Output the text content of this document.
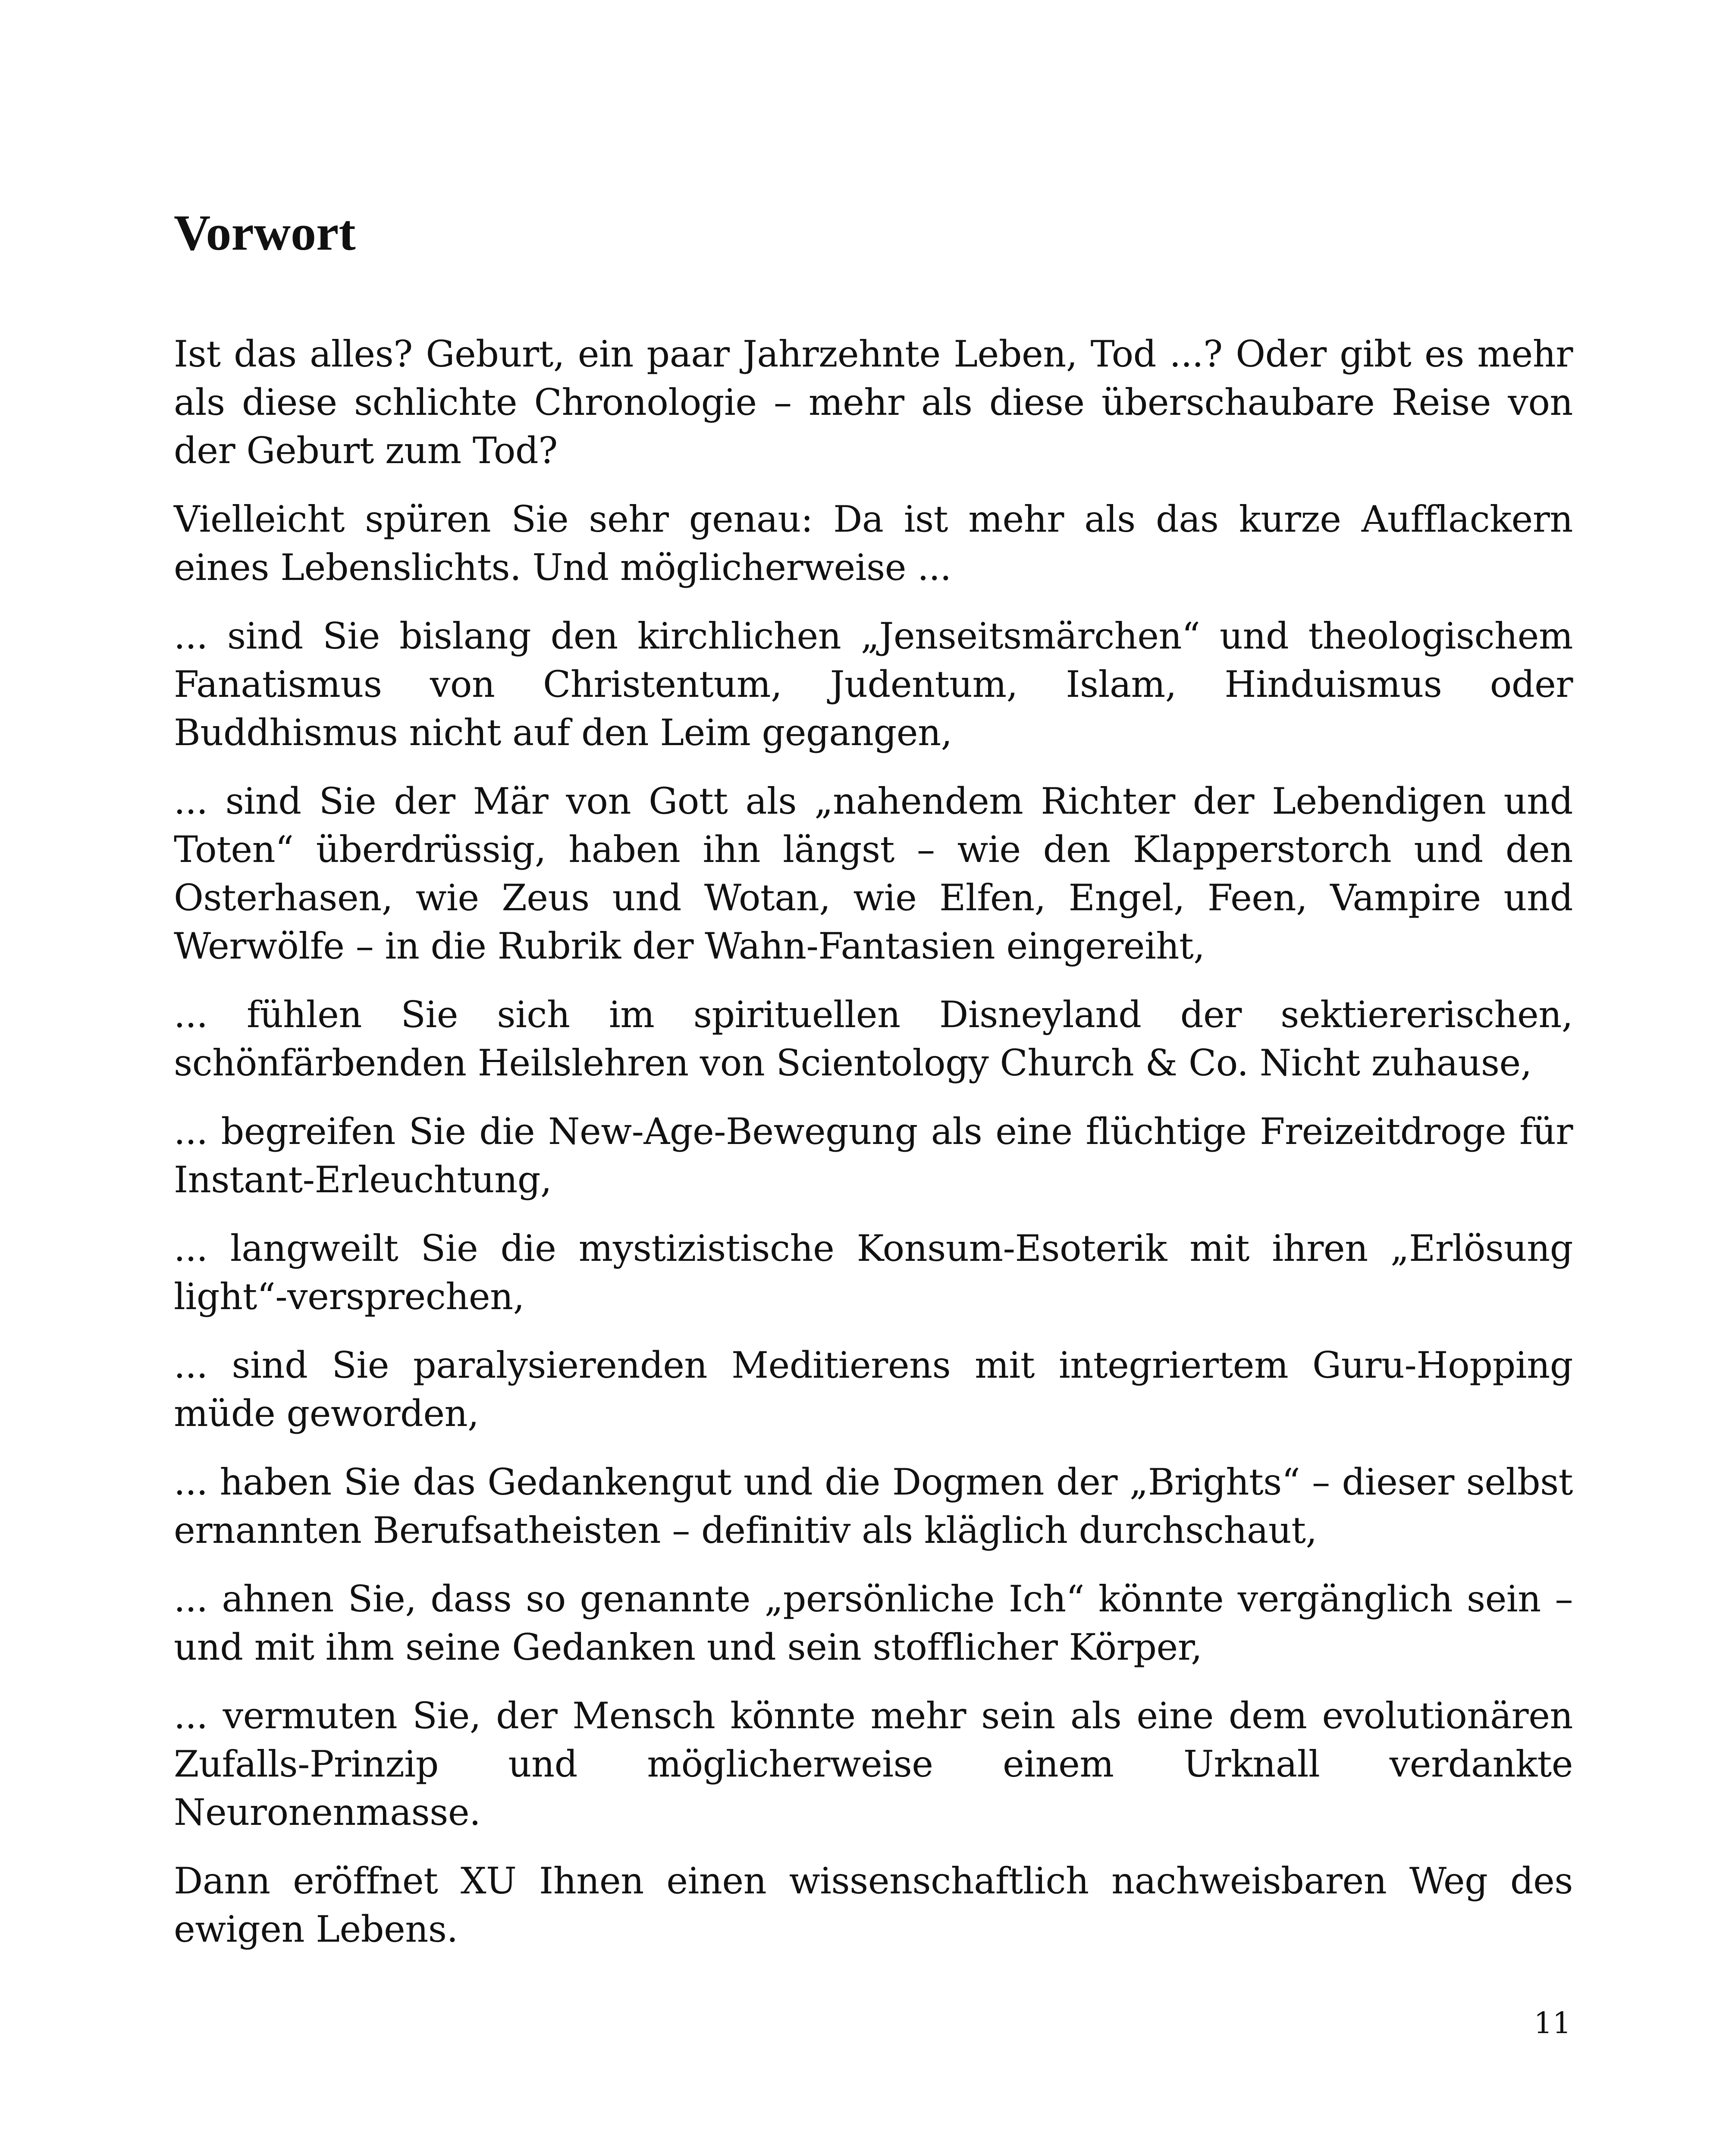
Vorwort

Ist das alles? Geburt, ein paar Jahrzehnte Leben, Tod ...? Oder gibt es mehr als diese schlichte Chronologie – mehr als diese überschaubare Reise von der Geburt zum Tod?

Vielleicht spüren Sie sehr genau: Da ist mehr als das kurze Aufflackern eines Lebenslichts. Und möglicherweise ...

... sind Sie bislang den kirchlichen „Jenseitsmärchen“ und theologischem Fanatismus von Christentum, Judentum, Islam, Hinduismus oder Buddhismus nicht auf den Leim gegangen,

... sind Sie der Mär von Gott als „nahendem Richter der Lebendigen und Toten“ überdrüssig, haben ihn längst – wie den Klapperstorch und den Osterhasen, wie Zeus und Wotan, wie Elfen, Engel, Feen, Vampire und Werwölfe – in die Rubrik der Wahn-Fantasien eingereiht,

... fühlen Sie sich im spirituellen Disneyland der sektiererischen, schönfärbenden Heilslehren von Scientology Church & Co. Nicht zuhause,

... begreifen Sie die New-Age-Bewegung als eine flüchtige Freizeitdroge für Instant-Erleuchtung,

... langweilt Sie die mystizistische Konsum-Esoterik mit ihren „Erlösung light“-versprechen,

... sind Sie paralysierenden Meditierens mit integriertem Guru-Hopping müde geworden,

... haben Sie das Gedankengut und die Dogmen der „Brights“ – dieser selbst ernannten Berufsatheisten – definitiv als kläglich durchschaut,

... ahnen Sie, dass so genannte „persönliche Ich“ könnte vergänglich sein – und mit ihm seine Gedanken und sein stofflicher Körper,

... vermuten Sie, der Mensch könnte mehr sein als eine dem evolutionären Zufalls-Prinzip und möglicherweise einem Urknall verdankte Neuronenmasse.

Dann eröffnet XU Ihnen einen wissenschaftlich nachweisbaren Weg des ewigen Lebens.

11
